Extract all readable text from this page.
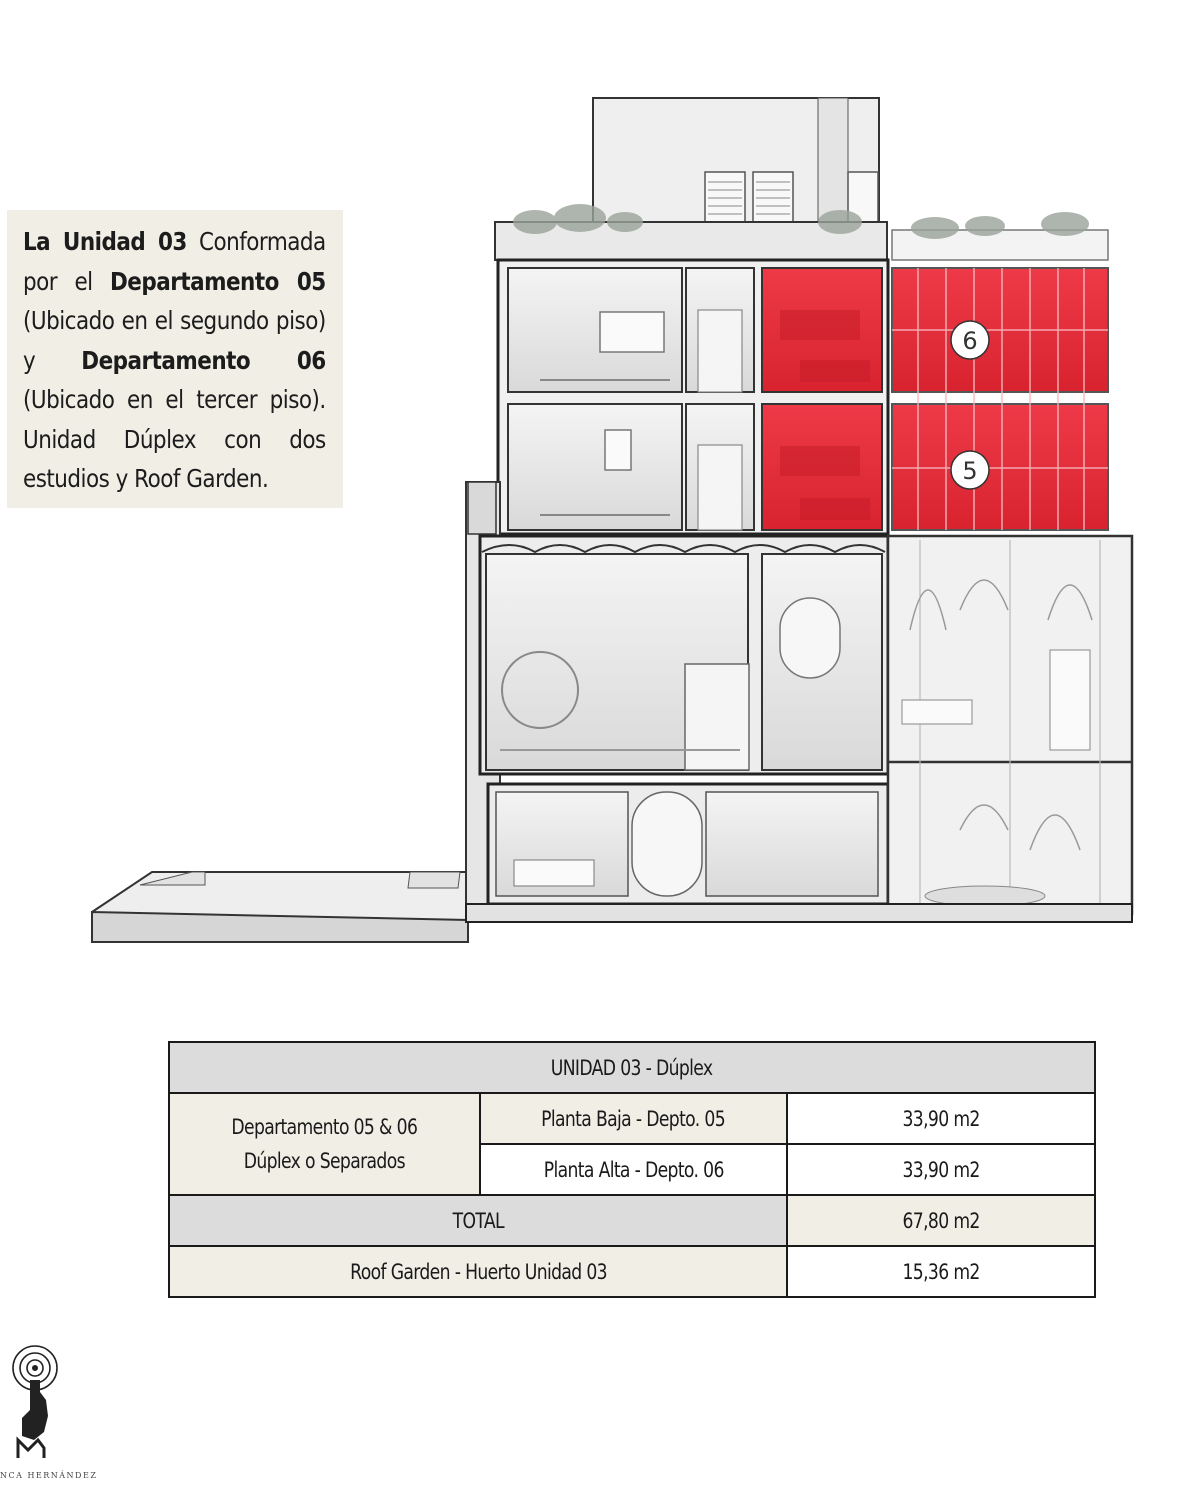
La Unidad 03 Conformada por el Departamento 05 (Ubicado en el segundo piso) y Departamento 06 (Ubicado en el tercer piso). Unidad Dúplex con dos estudios y Roof Garden.

6
5
UNIDAD 03 - Dúplex		

Departamento 05 & 06
Dúplex o Separados	Planta Baja - Depto. 05	33,90 m2
	Planta Alta - Depto. 06	33,90 m2
TOTAL		67,80 m2
Roof Garden - Huerto Unidad 03		15,36 m2
NCA HERNÁNDEZ
